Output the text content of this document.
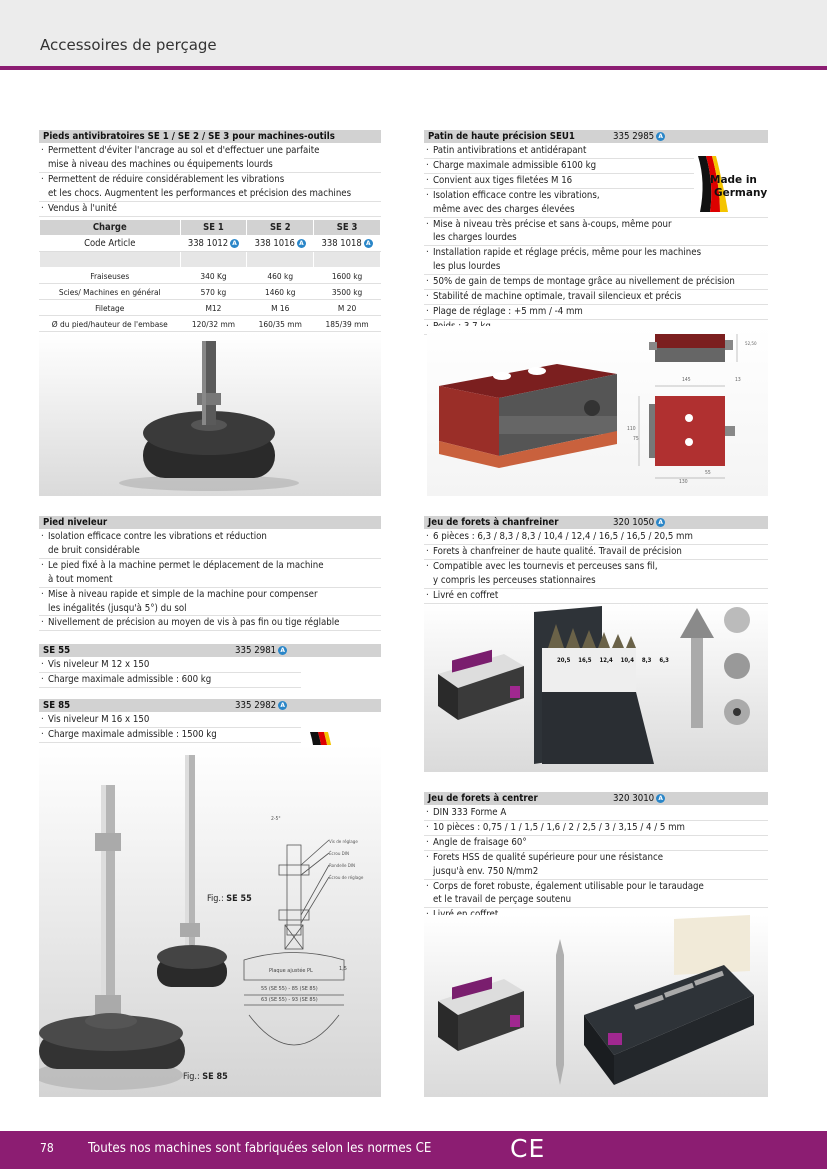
Accessoires de perçage
Pieds antivibratoires SE 1 / SE 2 / SE 3 pour machines-outils
· Permettent d'éviter l'ancrage au sol et d'effectuer une parfaite
mise à niveau des machines ou équipements lourds
· Permettent de réduire considérablement les vibrations
et les chocs. Augmentent les performances et précision des machines
· Vendus à l'unité
Charge	SE 1	SE 2	SE 3
Code Article	338 1012 A	338 1016 A	338 1018 A

Fraiseuses	340 Kg	460 kg	1600 kg
Scies/ Machines en général	570 kg	1460 kg	3500 kg
Filetage	M12	M 16	M 20
Ø du pied/hauteur de l'embase	120/32 mm	160/35 mm	185/39 mm
Patin de haute précision SEU1	335 2985 A
· Patin antivibrations et antidérapant
· Charge maximale admissible 6100 kg
· Convient aux tiges filetées M 16
· Isolation efficace contre les vibrations,
même avec des charges élevées
· Mise à niveau très précise et sans à-coups, même pour
les charges lourdes
· Installation rapide et réglage précis, même pour les machines
les plus lourdes
· 50% de gain de temps de montage grâce au nivellement de précision
· Stabilité de machine optimale, travail silencieux et précis
· Plage de réglage : +5 mm / -4 mm
·
Made in
Germany
145	13
55
130
110
75
52,50
Pied niveleur
· Isolation efficace contre les vibrations et réduction
de bruit considérable
· Le pied fixé à la machine permet le déplacement de la machine
à tout moment
· Mise à niveau rapide et simple de la machine pour compenser
les inégalités (jusqu'à 5°) du sol
· Nivellement de précision au moyen de vis à pas fin ou tige réglable
SE 55	335 2981 A
· Vis niveleur M 12 x 150
· Charge maximale admissible : 600 kg
SE 85	335 2982 A
· Vis niveleur M 16 x 150
· Charge maximale admissible : 1500 kg

Vis de réglage
Écrou DIN
Rondelle DIN
Écrou de réglage
2-5°
Plaque ajustée PL
55 (SE 55) - 85 (SE 85)
63 (SE 55) - 93 (SE 85)
1,5
Fig.: SE 55
Fig.: SE 85
Jeu de forets à chanfreiner	320 1050 A
· 6 pièces : 6,3 / 8,3 / 8,3 / 10,4 / 12,4 / 16,5 / 16,5 / 20,5 mm
· Forets à chanfreiner de haute qualité. Travail de précision
· Compatible avec les tournevis et perceuses sans fil,
y compris les perceuses stationnaires
· Livré en coffret
20,5 16,5 12,4 10,4 8,3 6,3
Jeu de forets à centrer	320 3010 A
· DIN 333 Forme A
· 10 pièces : 0,75 / 1 / 1,5 / 1,6 / 2 / 2,5 / 3 / 3,15 / 4 / 5 mm
· Angle de fraisage 60°
· Forets HSS de qualité supérieure pour une résistance
jusqu'à env. 750 N/mm2
· Corps de foret robuste, également utilisable pour le taraudage
et le travail de perçage soutenu
·
78	Toutes nos machines sont fabriquées selon les normes CE	CE
